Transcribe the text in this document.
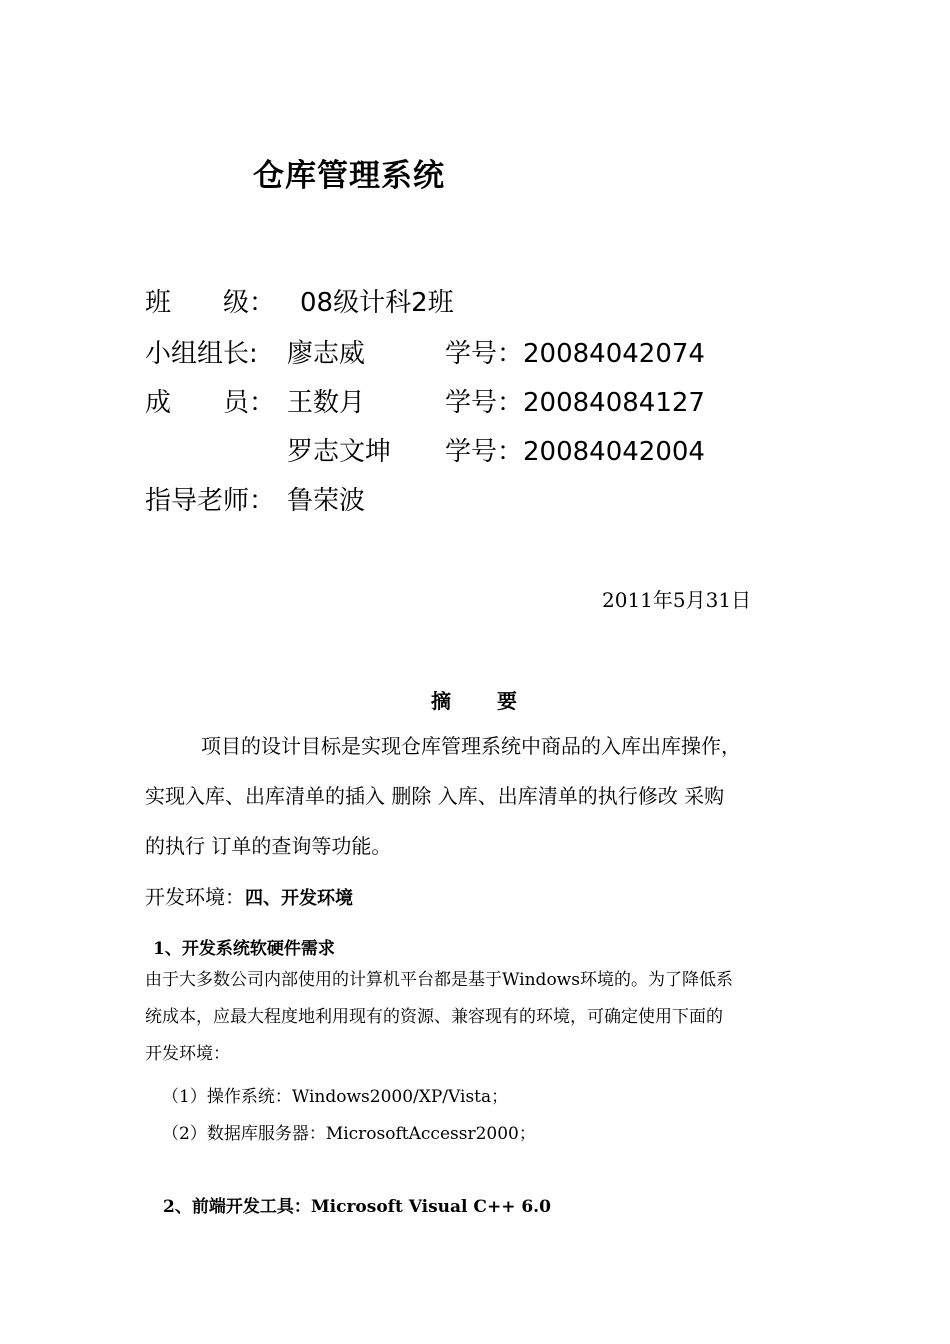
仓库管理系统
班　　级： 08级计科2班
小组组长: 廖志威	学号：20084042074
成　　员： 王数月	学号：20084084127
罗志文坤 学号：20084042004
指导老师： 鲁荣波
2011年5月31日
摘要
项目的设计目标是实现仓库管理系统中商品的入库出库操作，
实现入库、出库清单的插入 删除 入库、出库清单的执行修改 采购
的执行 订单的查询等功能。
开发环境：四、开发环境
1、开发系统软硬件需求
由于大多数公司内部使用的计算机平台都是基于Windows环境的。为了降低系
统成本，应最大程度地利用现有的资源、兼容现有的环境，可确定使用下面的
开发环境：
（1）操作系统：Windows2000/XP/Vista；
（2）数据库服务器：MicrosoftAccessr2000；
2、前端开发工具：Microsoft Visual C++ 6.0
